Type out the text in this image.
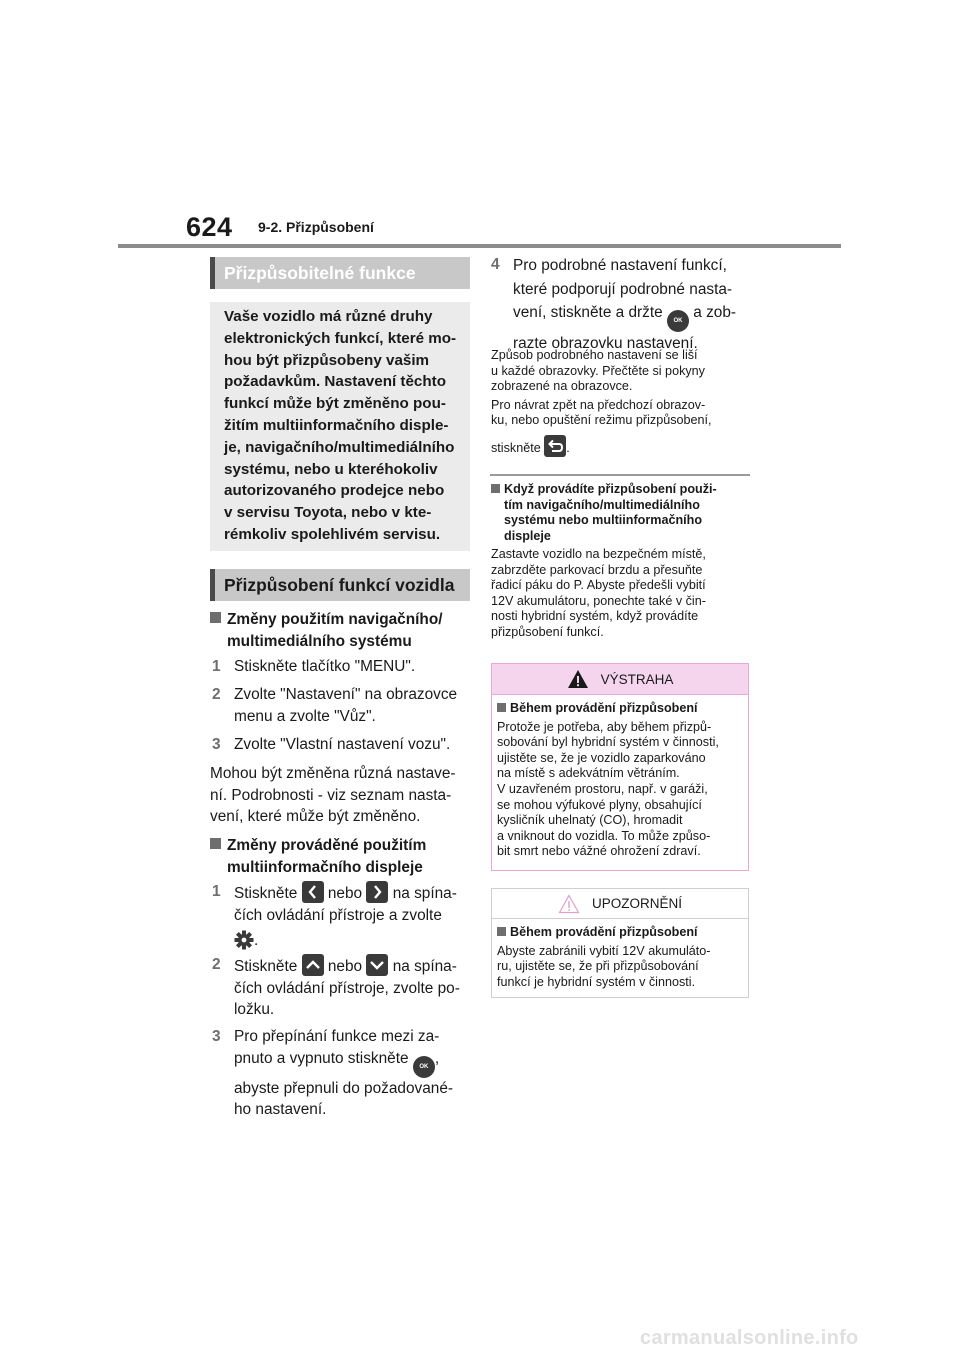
624 9-2. Přizpůsobení
Přizpůsobitelné funkce
Vaše vozidlo má různé druhy
elektronických funkcí, které mo-
hou být přizpůsobeny vašim
požadavkům. Nastavení těchto
funkcí může být změněno pou-
žitím multiinformačního disple-
je, navigačního/multimediálního
systému, nebo u kteréhokoliv
autorizovaného prodejce nebo
v servisu Toyota, nebo v kte-
rémkoliv spolehlivém servisu.
Přizpůsobení funkcí vozidla
Změny použitím navigačního/
multimediálního systému
1 Stiskněte tlačítko "MENU".
2 Zvolte "Nastavení" na obrazovce
menu a zvolte "Vůz".
3 Zvolte "Vlastní nastavení vozu".
Mohou být změněna různá nastave-
ní. Podrobnosti - viz seznam nasta-
vení, které může být změněno.
Změny prováděné použitím
multiinformačního displeje
1 Stiskněte nebo na spína-
čích ovládání přístroje a zvolte
.
2 Stiskněte nebo na spína-
čích ovládání přístroje, zvolte po-
ložku.
3 Pro přepínání funkce mezi za-
pnuto a vypnuto stiskněte OK ,
abyste přepnuli do požadované-
ho nastavení.
4 Pro podrobné nastavení funkcí,
které podporují podrobné nasta-
vení, stiskněte a držte OK a zob-
razte obrazovku nastavení.
Způsob podrobného nastavení se liší
u každé obrazovky. Přečtěte si pokyny
zobrazené na obrazovce.
Pro návrat zpět na předchozí obrazov-
ku, nebo opuštění režimu přizpůsobení,
stiskněte .
Když provádíte přizpůsobení použi-
tím navigačního/multimediálního
systému nebo multiinformačního
displeje
Zastavte vozidlo na bezpečném místě,
zabrzděte parkovací brzdu a přesuňte
řadicí páku do P. Abyste předešli vybití
12V akumulátoru, ponechte také v čin-
nosti hybridní systém, když provádíte
přizpůsobení funkcí.
VÝSTRAHA
Během provádění přizpůsobení
Protože je potřeba, aby během přizpů-
sobování byl hybridní systém v činnosti,
ujistěte se, že je vozidlo zaparkováno
na místě s adekvátním větráním.
V uzavřeném prostoru, např. v garáži,
se mohou výfukové plyny, obsahující
kysličník uhelnatý (CO), hromadit
a vniknout do vozidla. To může způso-
bit smrt nebo vážné ohrožení zdraví.
UPOZORNĚNÍ
Během provádění přizpůsobení
Abyste zabránili vybití 12V akumuláto-
ru, ujistěte se, že při přizpůsobování
funkcí je hybridní systém v činnosti.
carmanualsonline.info
